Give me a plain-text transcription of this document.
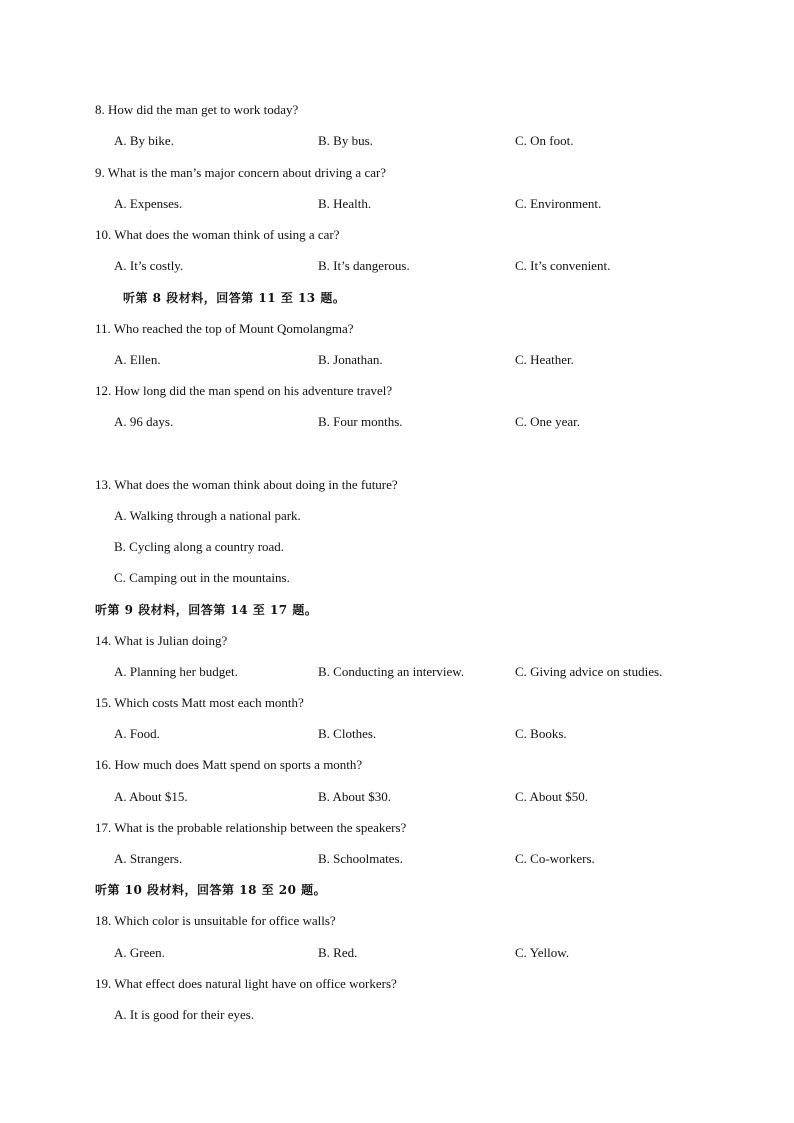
8. How did the man get to work today?
A. By bike.	B. By bus.	C. On foot.
9. What is the man’s major concern about driving a car?
A. Expenses.	B. Health.	C. Environment.
10. What does the woman think of using a car?
A. It’s costly.	B. It’s dangerous.	C. It’s convenient.
听第 8 段材料，回答第 11 至 13 题。
11. Who reached the top of Mount Qomolangma?
A. Ellen.	B. Jonathan.	C. Heather.
12. How long did the man spend on his adventure travel?
A. 96 days.	B. Four months.	C. One year.
13. What does the woman think about doing in the future?
A. Walking through a national park.
B. Cycling along a country road.
C. Camping out in the mountains.
听第 9 段材料，回答第 14 至 17 题。
14. What is Julian doing?
A. Planning her budget.	B. Conducting an interview.	C. Giving advice on studies.
15. Which costs Matt most each month?
A. Food.	B. Clothes.	C. Books.
16. How much does Matt spend on sports a month?
A. About $15.	B. About $30.	C. About $50.
17. What is the probable relationship between the speakers?
A. Strangers.	B. Schoolmates.	C. Co-workers.
听第 10 段材料，回答第 18 至 20 题。
18. Which color is unsuitable for office walls?
A. Green.	B. Red.	C. Yellow.
19. What effect does natural light have on office workers?
A. It is good for their eyes.
